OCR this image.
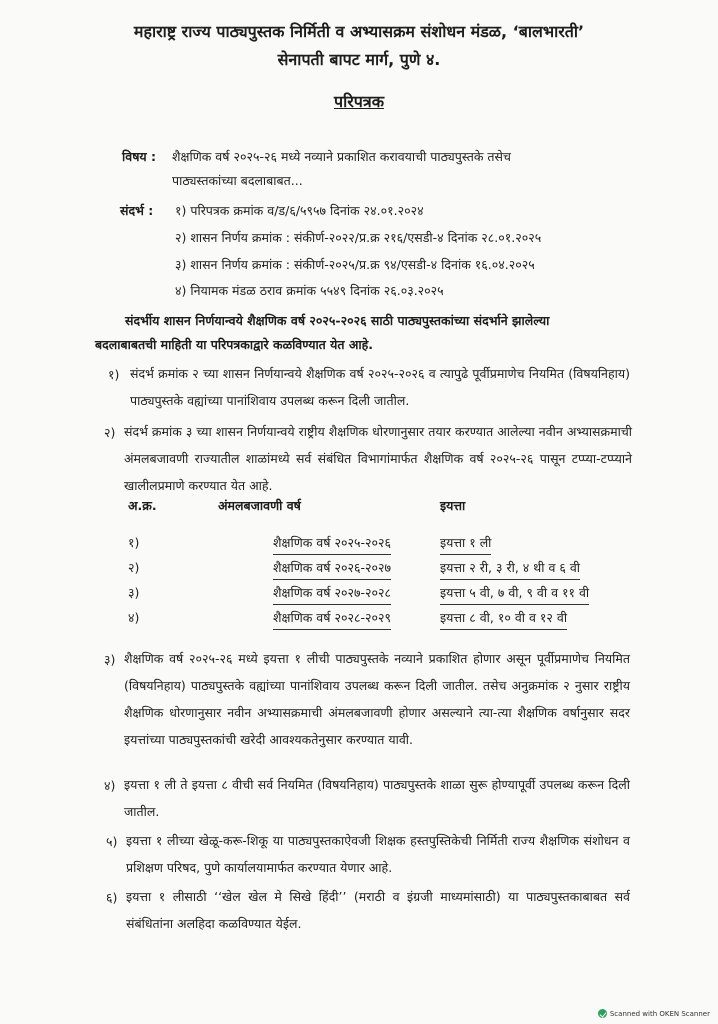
महाराष्ट्र राज्य पाठ्यपुस्तक निर्मिती व अभ्यासक्रम संशोधन मंडळ, ‘बालभारती’
सेनापती बापट मार्ग, पुणे ४.
परिपत्रक
विषय : शैक्षणिक वर्ष २०२५-२६ मध्ये नव्याने प्रकाशित करावयाची पाठ्यपुस्तके तसेच
पाठ्यस्तकांच्या बदलाबाबत...
संदर्भ : १) परिपत्रक क्रमांक व/ड/६/५९५७ दिनांक २४.०१.२०२४
२) शासन निर्णय क्रमांक : संकीर्ण-२०२२/प्र.क्र २१६/एसडी-४ दिनांक २८.०१.२०२५
३) शासन निर्णय क्रमांक : संकीर्ण-२०२५/प्र.क्र ९४/एसडी-४ दिनांक १६.०४.२०२५
४) नियामक मंडळ ठराव क्रमांक ५५४९ दिनांक २६.०३.२०२५
संदर्भीय शासन निर्णयान्वये शैक्षणिक वर्ष २०२५-२०२६ साठी पाठ्यपुस्तकांच्या संदर्भाने झालेल्या
बदलाबाबतची माहिती या परिपत्रकाद्वारे कळविण्यात येत आहे.
१) संदर्भ क्रमांक २ च्या शासन निर्णयान्वये शैक्षणिक वर्ष २०२५-२०२६ व त्यापुढे पूर्वीप्रमाणेच नियमित (विषयनिहाय) पाठ्यपुस्तके वह्यांच्या पानांशिवाय उपलब्ध करून दिली जातील.

२) संदर्भ क्रमांक ३ च्या शासन निर्णयान्वये राष्ट्रीय शैक्षणिक धोरणानुसार तयार करण्यात आलेल्या नवीन अभ्यासक्रमाची अंमलबजावणी राज्यातील शाळांमध्ये सर्व संबंधित विभागांमार्फत शैक्षणिक वर्ष २०२५-२६ पासून टप्प्या-टप्प्याने खालीलप्रमाणे करण्यात येत आहे.

अ.क्र.	अंमलबजावणी वर्ष	इयत्ता
१)	शैक्षणिक वर्ष २०२५-२०२६	इयत्ता १ ली
२)	शैक्षणिक वर्ष २०२६-२०२७	इयत्ता २ री, ३ री, ४ थी व ६ वी
३)	शैक्षणिक वर्ष २०२७-२०२८	इयत्ता ५ वी, ७ वी, ९ वी व ११ वी
४)	शैक्षणिक वर्ष २०२८-२०२९	इयत्ता ८ वी, १० वी व १२ वी
३) शैक्षणिक वर्ष २०२५-२६ मध्ये इयत्ता १ लीची पाठ्यपुस्तके नव्याने प्रकाशित होणार असून पूर्वीप्रमाणेच नियमित (विषयनिहाय) पाठ्यपुस्तके वह्यांच्या पानांशिवाय उपलब्ध करून दिली जातील. तसेच अनुक्रमांक २ नुसार राष्ट्रीय शैक्षणिक धोरणानुसार नवीन अभ्यासक्रमाची अंमलबजावणी होणार असल्याने त्या-त्या शैक्षणिक वर्षानुसार सदर इयत्तांच्या पाठ्यपुस्तकांची खरेदी आवश्यकतेनुसार करण्यात यावी.

४) इयत्ता १ ली ते इयत्ता ८ वीची सर्व नियमित (विषयनिहाय) पाठ्यपुस्तके शाळा सुरू होण्यापूर्वी उपलब्ध करून दिली जातील.

५) इयत्ता १ लीच्या खेळू-करू-शिकू या पाठ्यपुस्तकाऐवजी शिक्षक हस्तपुस्तिकेची निर्मिती राज्य शैक्षणिक संशोधन व प्रशिक्षण परिषद, पुणे कार्यालयामार्फत करण्यात येणार आहे.

६) इयत्ता १ लीसाठी ‘‘खेल खेल मे सिखे हिंदी’’ (मराठी व इंग्रजी माध्यमांसाठी) या पाठ्यपुस्तकाबाबत सर्व संबंधितांना अलहिदा कळविण्यात येईल.

Scanned with OKEN Scanner
